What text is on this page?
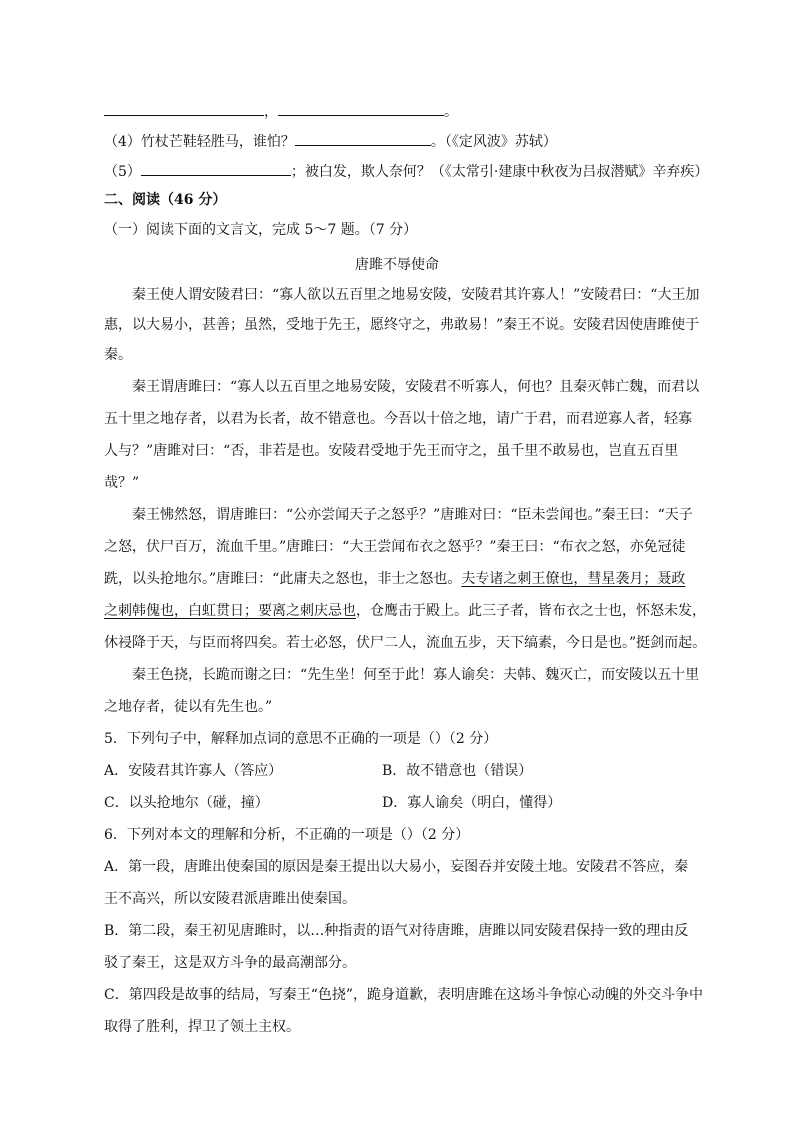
，	。
（4）竹杖芒鞋轻胜马，谁怕？	。（《定风波》苏轼）
（5）	；被白发，欺人奈何？（《太常引·建康中秋夜为吕叔潜赋》辛弃疾）
二、阅读（46 分）
（一）阅读下面的文言文，完成 5～7 题。（7 分）
唐雎不辱使命
秦王使人谓安陵君曰：“寡人欲以五百里之地易安陵，安陵君其许寡人！”安陵君曰：“大王加
惠，以大易小，甚善；虽然，受地于先王，愿终守之，弗敢易！”秦王不说。安陵君因使唐雎使于
秦。
秦王谓唐雎曰：“寡人以五百里之地易安陵，安陵君不听寡人，何也？且秦灭韩亡魏，而君以
五十里之地存者，以君为长者，故不错意也。今吾以十倍之地，请广于君，而君逆寡人者，轻寡
人与？”唐雎对曰：“否，非若是也。安陵君受地于先王而守之，虽千里不敢易也，岂直五百里
哉？”
秦王怫然怒，谓唐雎曰：“公亦尝闻天子之怒乎？”唐雎对曰：“臣未尝闻也。”秦王曰：“天子
之怒，伏尸百万，流血千里。”唐雎曰：“大王尝闻布衣之怒乎？”秦王曰：“布衣之怒，亦免冠徒
跣，以头抢地尔。”唐雎曰：“此庸夫之怒也，非士之怒也。夫专诸之刺王僚也，彗星袭月；聂政
之刺韩傀也，白虹贯日；要离之刺庆忌也，仓鹰击于殿上。此三子者，皆布衣之士也，怀怒未发，
休祲降于天，与臣而将四矣。若士必怒，伏尸二人，流血五步，天下缟素，今日是也。”挺剑而起。
秦王色挠，长跪而谢之曰：“先生坐！何至于此！寡人谕矣：夫韩、魏灭亡，而安陵以五十里
之地存者，徒以有先生也。”
5．下列句子中，解释加点词的意思不正确的一项是（）（2 分）
A．安陵君其许寡人（答应）	B．故不错意也（错误）
C．以头抢地尔（碰，撞）	D．寡人谕矣（明白，懂得）
6．下列对本文的理解和分析，不正确的一项是（）（2 分）
A．第一段，唐雎出使秦国的原因是秦王提出以大易小，妄图吞并安陵土地。安陵君不答应，秦
王不高兴，所以安陵君派唐雎出使秦国。
B．第二段，秦王初见唐雎时，以…种指责的语气对待唐雎，唐雎以同安陵君保持一致的理由反
驳了秦王，这是双方斗争的最高潮部分。
C．第四段是故事的结局，写秦王“色挠”，跪身道歉，表明唐雎在这场斗争惊心动魄的外交斗争中
取得了胜利，捍卫了领土主权。
